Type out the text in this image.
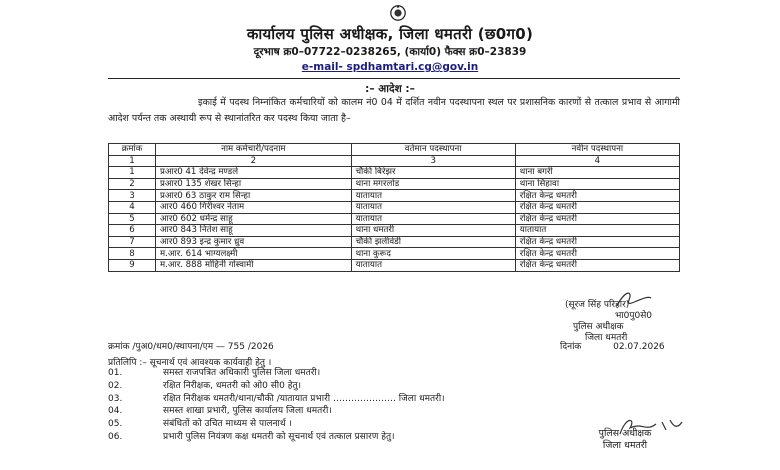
कार्यालय पुलिस अधीक्षक, जिला धमतरी (छ0ग0)
दूरभाष क्र0–07722–0238265, (कार्या0) फैक्स क्र0–23839
e-mail- spdhamtari.cg@gov.in
:– आदेश :–
इकाई में पदस्थ निम्नांकित कर्मचारियों को कालम नं0 04 में दर्शित नवीन पदस्थापना स्थल पर प्रशासनिक कारणों से तत्काल प्रभाव से आगामी आदेश पर्यन्त तक अस्थायी रूप से स्थानांतरित कर पदस्थ किया जाता है–
क्रमांक	नाम कर्मचारी/पदनाम	वर्तमान पदस्थापना	नवीन पदस्थापना
1	2	3	4
1	प्रआर0 41 देवेन्द्र मण्डले	चौकी बिरेझर	थाना बगरी
2	प्रआर0 135 शेखर सिन्हा	थाना मगरलोड	थाना सिहावा
3	प्रआर0 63 ठाकुर राम सिन्हा	यातायात	रक्षित केन्द्र धमतरी
4	आर0 460 गिरीश्वर नेताम	यातायात	रक्षित केन्द्र धमतरी
5	आर0 602 धर्मेन्द्र साहू	यातायात	रक्षित केन्द्र धमतरी
6	आर0 843 नितेश साहू	थाना धमतरी	यातायात
7	आर0 893 इन्द्र कुमार ध्रुव	चौकी झलीवेडी	रक्षित केन्द्र धमतरी
8	म.आर. 614 भाग्यलक्ष्मी	थाना कुरूद	रक्षित केन्द्र धमतरी
9	म.आर. 888 मोहिनी गोस्वामी	यातायात	रक्षित केन्द्र धमतरी
(सूरज सिंह परिहार)
भा0पु0से0
पुलिस अधीक्षक
जिला धमतरी
क्रमांक /पुअ0/धम0/स्थापना/एम — 755 /2026	दिनांक	02.07.2026
प्रतिलिपि :– सूचनार्थ एवं आवश्यक कार्यवाही हेतु ।
01.	समस्त राजपत्रित अधिकारी पुलिस जिला धमतरी।
02.	रक्षित निरीक्षक, धमतरी को ओ0 सी0 हेतु।
03.	रक्षित निरीक्षक धमतरी/थाना/चौकी /यातायात प्रभारी ………………… जिला धमतरी।
04.	समस्त शाखा प्रभारी, पुलिस कार्यालय जिला धमतरी।
05.	संबंधितों को उचित माध्यम से पालनार्थ ।
06.	प्रभारी पुलिस नियंत्रण कक्ष धमतरी को सूचनार्थ एवं तत्काल प्रसारण हेतु।	पुलिस अधीक्षक
जिला धमतरी
